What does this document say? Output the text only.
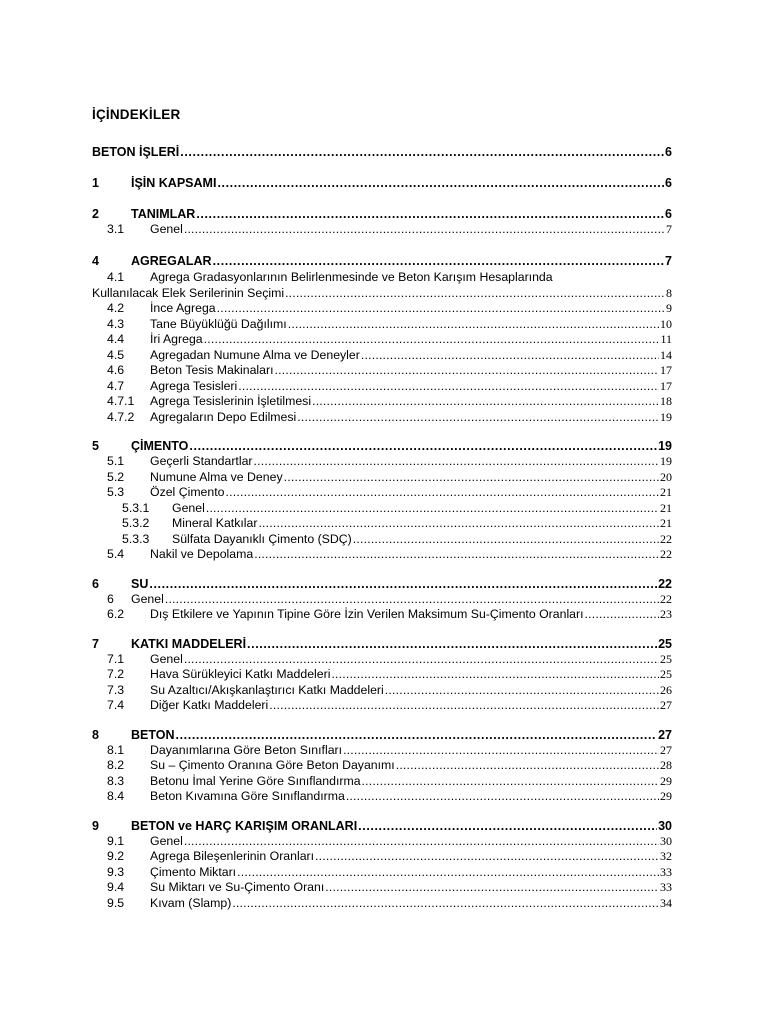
İÇİNDEKİLER
BETON İŞLERİ .....	6
1	İŞİN KAPSAMI .....	6
2	TANIMLAR .....	6
3.1	Genel .....	7
4	AGREGALAR .....	7
4.1 Agrega Gradasyonlarının Belirlenmesinde ve Beton Karışım Hesaplarında
Kullanılacak Elek Serilerinin Seçimi .....	8
4.2	İnce Agrega .....	9
4.3	Tane Büyüklüğü Dağılımı .....	10
4.4	İri Agrega .....	11
4.5	Agregadan Numune Alma ve Deneyler .....	14
4.6	Beton Tesis Makinaları .....	17
4.7	Agrega Tesisleri .....	17
4.7.1	Agrega Tesislerinin İşletilmesi .....	18
4.7.2	Agregaların Depo Edilmesi .....	19
5	ÇİMENTO .....	19
5.1	Geçerli Standartlar .....	19
5.2	Numune Alma ve Deney .....	20
5.3	Özel Çimento .....	21
5.3.1	Genel .....	21
5.3.2	Mineral Katkılar .....	21
5.3.3	Sülfata Dayanıklı Çimento (SDÇ) .....	22
5.4	Nakil ve Depolama .....	22
6	SU .....	22
6	Genel .....	22
6.2	Dış Etkilere ve Yapının Tipine Göre İzin Verilen Maksimum Su-Çimento Oranları .....	23
7	KATKI MADDELERİ .....	25
7.1	Genel .....	25
7.2	Hava Sürükleyici Katkı Maddeleri .....	25
7.3	Su Azaltıcı/Akışkanlaştırıcı Katkı Maddeleri .....	26
7.4	Diğer Katkı Maddeleri .....	27
8	BETON .....	27
8.1	Dayanımlarına Göre Beton Sınıfları .....	27
8.2	Su – Çimento Oranına Göre Beton Dayanımı .....	28
8.3	Betonu İmal Yerine Göre Sınıflandırma .....	29
8.4	Beton Kıvamına Göre Sınıflandırma .....	29
9	BETON ve HARÇ KARIŞIM ORANLARI .....	30
9.1	Genel .....	30
9.2	Agrega Bileşenlerinin Oranları .....	32
9.3	Çimento Miktarı .....	33
9.4	Su Miktarı ve Su-Çimento Oranı .....	33
9.5	Kıvam (Slamp) .....	34
